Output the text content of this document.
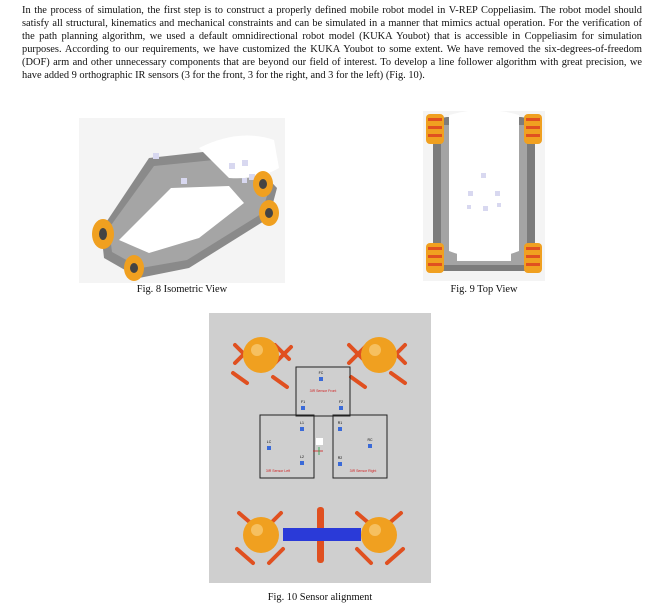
In the process of simulation, the first step is to construct a properly defined mobile robot model in V-REP Coppeliasim. The robot model should satisfy all structural, kinematics and mechanical constraints and can be simulated in a manner that mimics actual operation. For the verification of the path planning algorithm, we used a default omnidirectional robot model (KUKA Youbot) that is accessible in Coppeliasim for simulation purposes. According to our requirements, we have customized the KUKA Youbot to some extent. We have removed the six-degrees-of-freedom (DOF) arm and other unnecessary components that are beyond our field of interest. To develop a line follower algorithm with great precision, we have added 9 orthographic IR sensors (3 for the front, 3 for the right, and 3 for the left) (Fig. 10).

Fig. 8 Isometric View	Fig. 9 Top View
FC
3IR Sensor Front
F1	F2
L1
LC
L2
3IR Sensor Left
R1
RC
R2
3IR Sensor Right
Fig. 10 Sensor alignment
